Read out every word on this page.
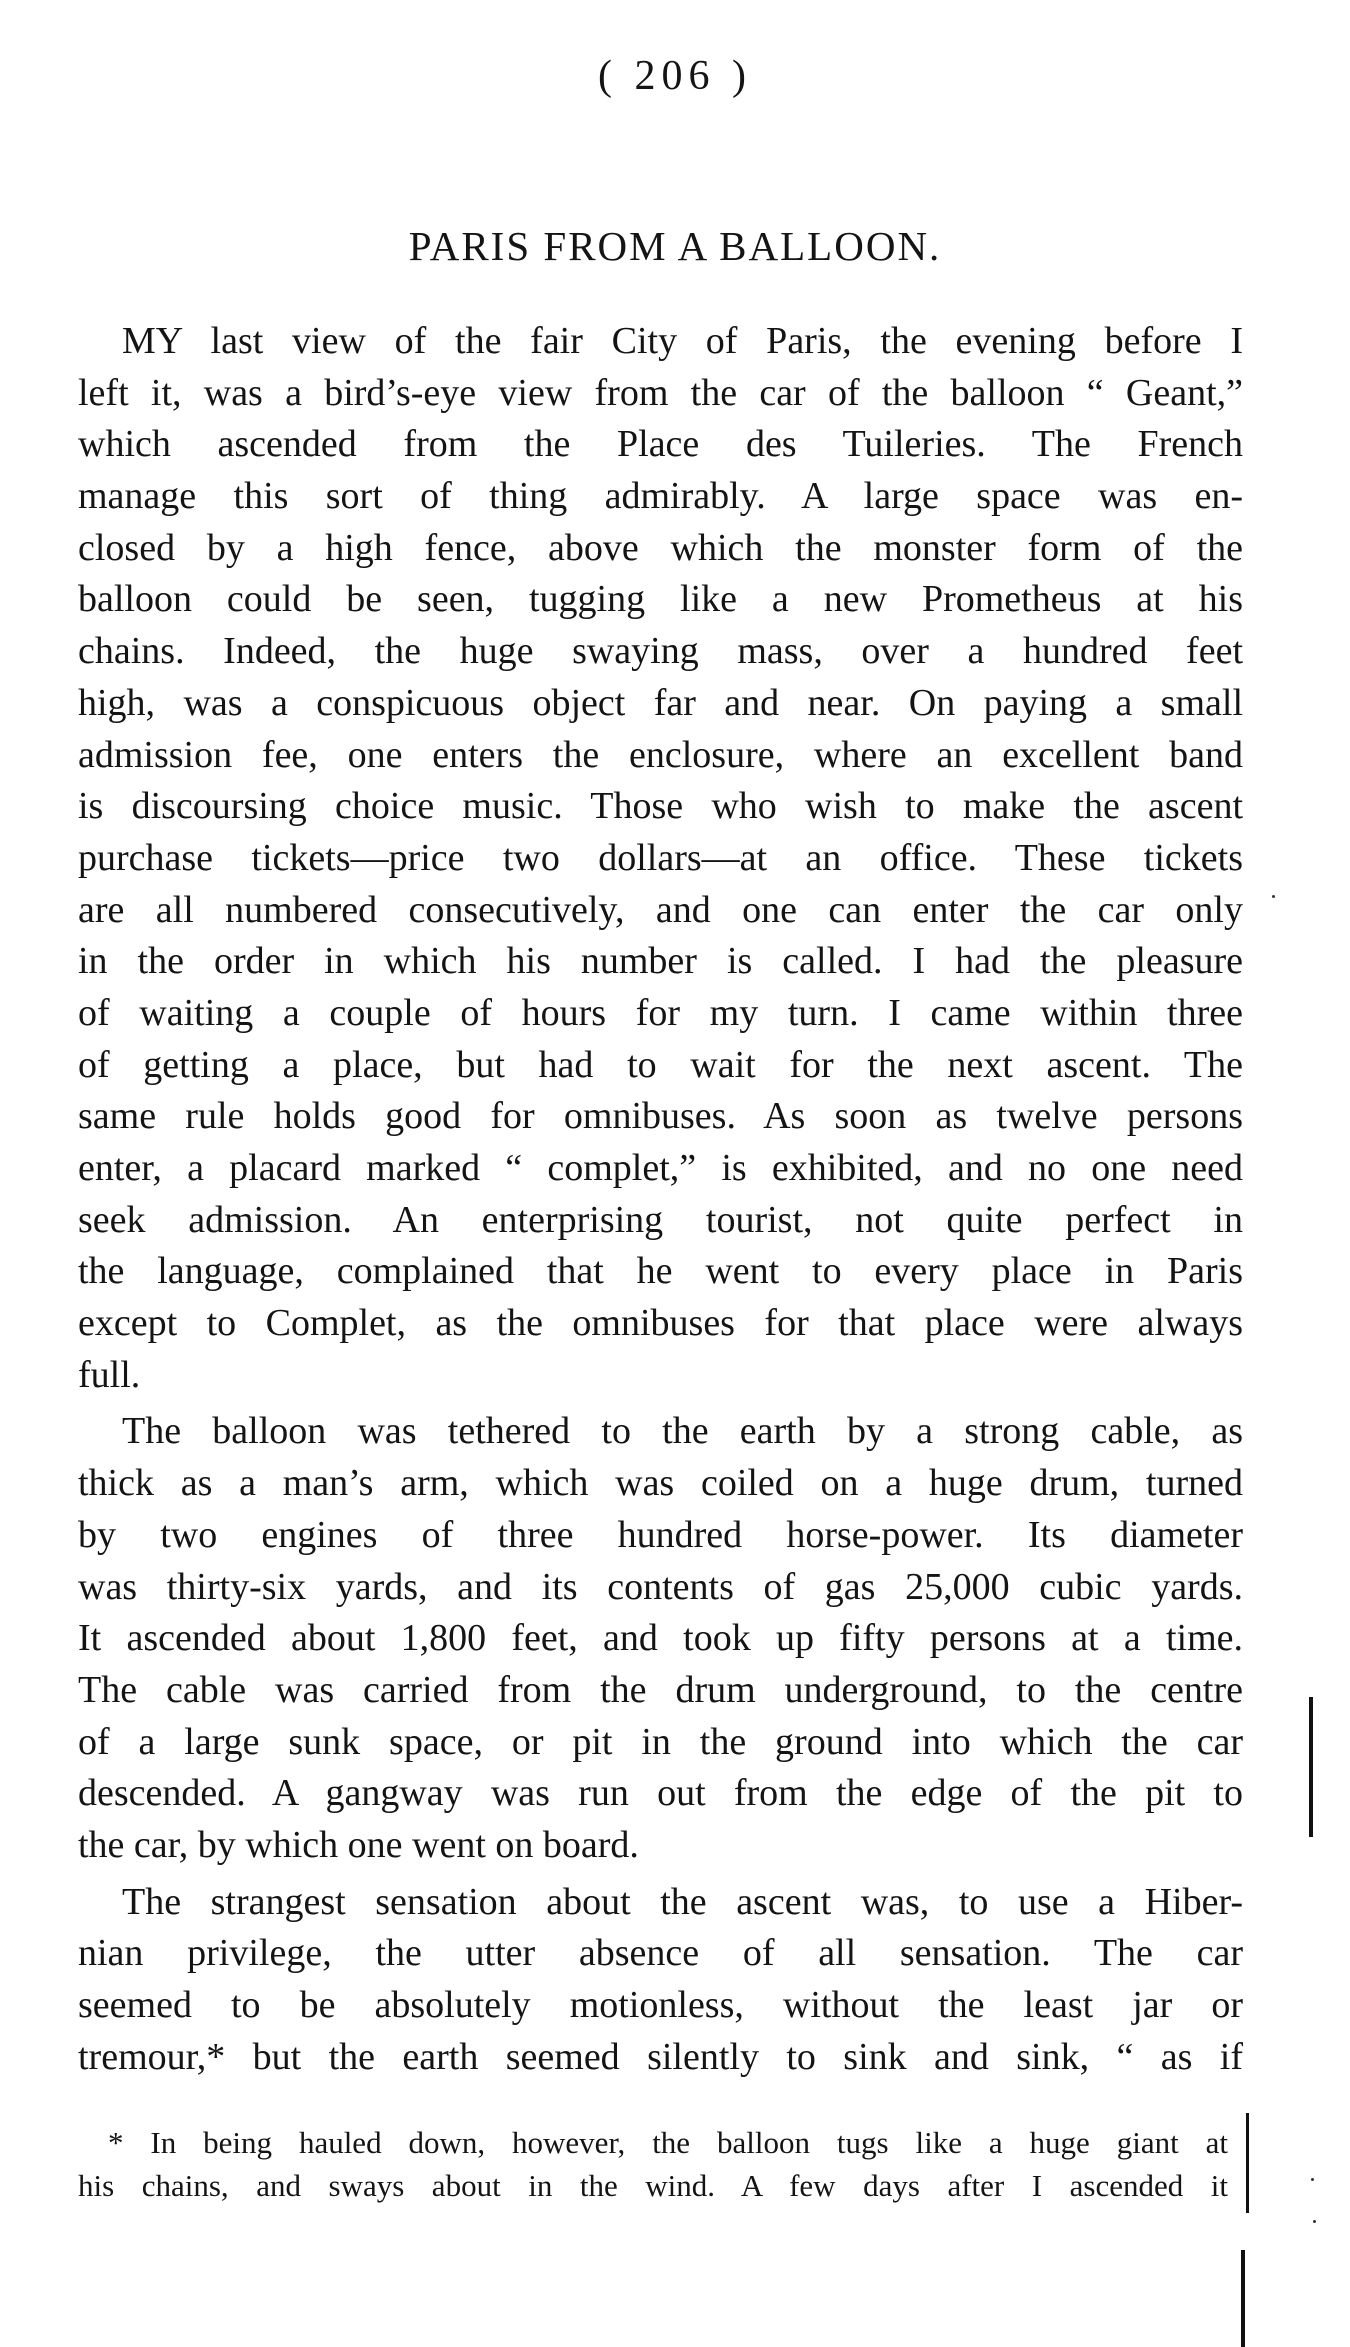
( 206 )
PARIS FROM A BALLOON.
MY last view of the fair City of Paris, the evening before I
left it, was a bird’s-eye view from the car of the balloon “ Geant,”
which ascended from the Place des Tuileries. The French
manage this sort of thing admirably. A large space was en-
closed by a high fence, above which the monster form of the
balloon could be seen, tugging like a new Prometheus at his
chains. Indeed, the huge swaying mass, over a hundred feet
high, was a conspicuous object far and near. On paying a small
admission fee, one enters the enclosure, where an excellent band
is discoursing choice music. Those who wish to make the ascent
purchase tickets—price two dollars—at an office. These tickets
are all numbered consecutively, and one can enter the car only
in the order in which his number is called. I had the pleasure
of waiting a couple of hours for my turn. I came within three
of getting a place, but had to wait for the next ascent. The
same rule holds good for omnibuses. As soon as twelve persons
enter, a placard marked “ complet,” is exhibited, and no one need
seek admission. An enterprising tourist, not quite perfect in
the language, complained that he went to every place in Paris
except to Complet, as the omnibuses for that place were always
full.
The balloon was tethered to the earth by a strong cable, as
thick as a man’s arm, which was coiled on a huge drum, turned
by two engines of three hundred horse-power. Its diameter
was thirty-six yards, and its contents of gas 25,000 cubic yards.
It ascended about 1,800 feet, and took up fifty persons at a time.
The cable was carried from the drum underground, to the centre
of a large sunk space, or pit in the ground into which the car
descended. A gangway was run out from the edge of the pit to
the car, by which one went on board.
The strangest sensation about the ascent was, to use a Hiber-
nian privilege, the utter absence of all sensation. The car
seemed to be absolutely motionless, without the least jar or
tremour,* but the earth seemed silently to sink and sink, “ as if
* In being hauled down, however, the balloon tugs like a huge giant at
his chains, and sways about in the wind. A few days after I ascended it
